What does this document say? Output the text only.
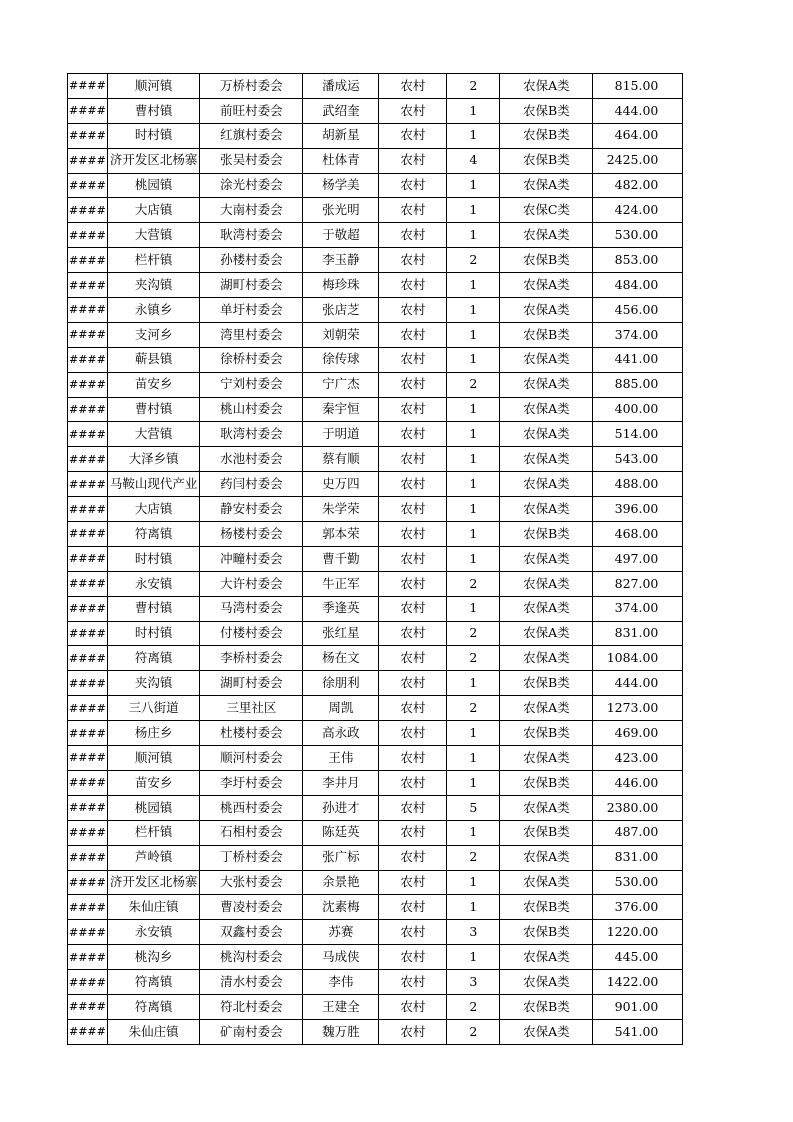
####	顺河镇	万桥村委会	潘成运	农村	2	农保A类	815.00
####	曹村镇	前旺村委会	武绍奎	农村	1	农保B类	444.00
####	时村镇	红旗村委会	胡新星	农村	1	农保B类	464.00
####	济开发区北杨寨	张吴村委会	杜体青	农村	4	农保B类	2425.00
####	桃园镇	涂光村委会	杨学美	农村	1	农保A类	482.00
####	大店镇	大南村委会	张光明	农村	1	农保C类	424.00
####	大营镇	耿湾村委会	于敬超	农村	1	农保A类	530.00
####	栏杆镇	孙楼村委会	李玉静	农村	2	农保B类	853.00
####	夹沟镇	湖町村委会	梅珍珠	农村	1	农保A类	484.00
####	永镇乡	单圩村委会	张店芝	农村	1	农保A类	456.00
####	支河乡	湾里村委会	刘朝荣	农村	1	农保B类	374.00
####	蕲县镇	徐桥村委会	徐传球	农村	1	农保A类	441.00
####	苗安乡	宁刘村委会	宁广杰	农村	2	农保A类	885.00
####	曹村镇	桃山村委会	秦宇恒	农村	1	农保A类	400.00
####	大营镇	耿湾村委会	于明道	农村	1	农保A类	514.00
####	大泽乡镇	水池村委会	蔡有顺	农村	1	农保A类	543.00
####	马鞍山现代产业	药闫村委会	史万四	农村	1	农保A类	488.00
####	大店镇	静安村委会	朱学荣	农村	1	农保A类	396.00
####	符离镇	杨楼村委会	郭本荣	农村	1	农保B类	468.00
####	时村镇	冲疃村委会	曹千勤	农村	1	农保A类	497.00
####	永安镇	大许村委会	牛正军	农村	2	农保A类	827.00
####	曹村镇	马湾村委会	季逢英	农村	1	农保A类	374.00
####	时村镇	付楼村委会	张红星	农村	2	农保A类	831.00
####	符离镇	李桥村委会	杨在文	农村	2	农保A类	1084.00
####	夹沟镇	湖町村委会	徐朋利	农村	1	农保B类	444.00
####	三八街道	三里社区	周凯	农村	2	农保A类	1273.00
####	杨庄乡	杜楼村委会	高永政	农村	1	农保B类	469.00
####	顺河镇	顺河村委会	王伟	农村	1	农保A类	423.00
####	苗安乡	李圩村委会	李井月	农村	1	农保B类	446.00
####	桃园镇	桃西村委会	孙进才	农村	5	农保A类	2380.00
####	栏杆镇	石相村委会	陈廷英	农村	1	农保B类	487.00
####	芦岭镇	丁桥村委会	张广标	农村	2	农保A类	831.00
####	济开发区北杨寨	大张村委会	余景艳	农村	1	农保A类	530.00
####	朱仙庄镇	曹凌村委会	沈素梅	农村	1	农保B类	376.00
####	永安镇	双鑫村委会	苏赛	农村	3	农保B类	1220.00
####	桃沟乡	桃沟村委会	马成侠	农村	1	农保A类	445.00
####	符离镇	清水村委会	李伟	农村	3	农保A类	1422.00
####	符离镇	符北村委会	王建全	农村	2	农保B类	901.00
####	朱仙庄镇	矿南村委会	魏万胜	农村	2	农保A类	541.00
